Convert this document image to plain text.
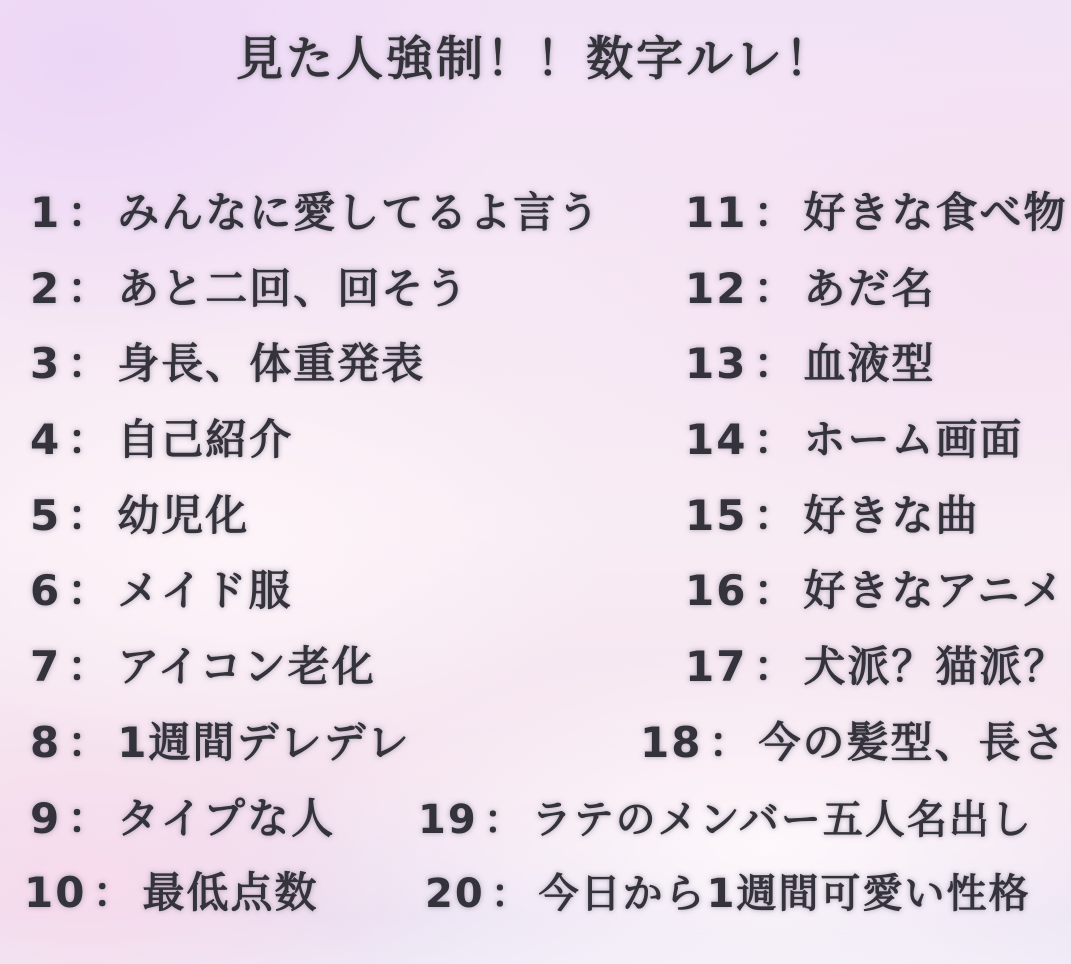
見た人強制！！数字ルレ！
1 ： みんなに愛してるよ言う
2 ： あと二回、回そう
3 ： 身長、体重発表
4 ： 自己紹介
5 ： 幼児化
6 ： メイド服
7 ： アイコン老化
8 ： 1週間デレデレ
9 ： タイプな人
10 ： 最低点数
11 ： 好きな食べ物
12 ： あだ名
13 ： 血液型
14 ： ホーム画面
15 ： 好きな曲
16 ： 好きなアニメ
17 ： 犬派？猫派？
18 ： 今の髪型、長さ
19 ： ラテのメンバー五人名出し
20 ： 今日から1週間可愛い性格
